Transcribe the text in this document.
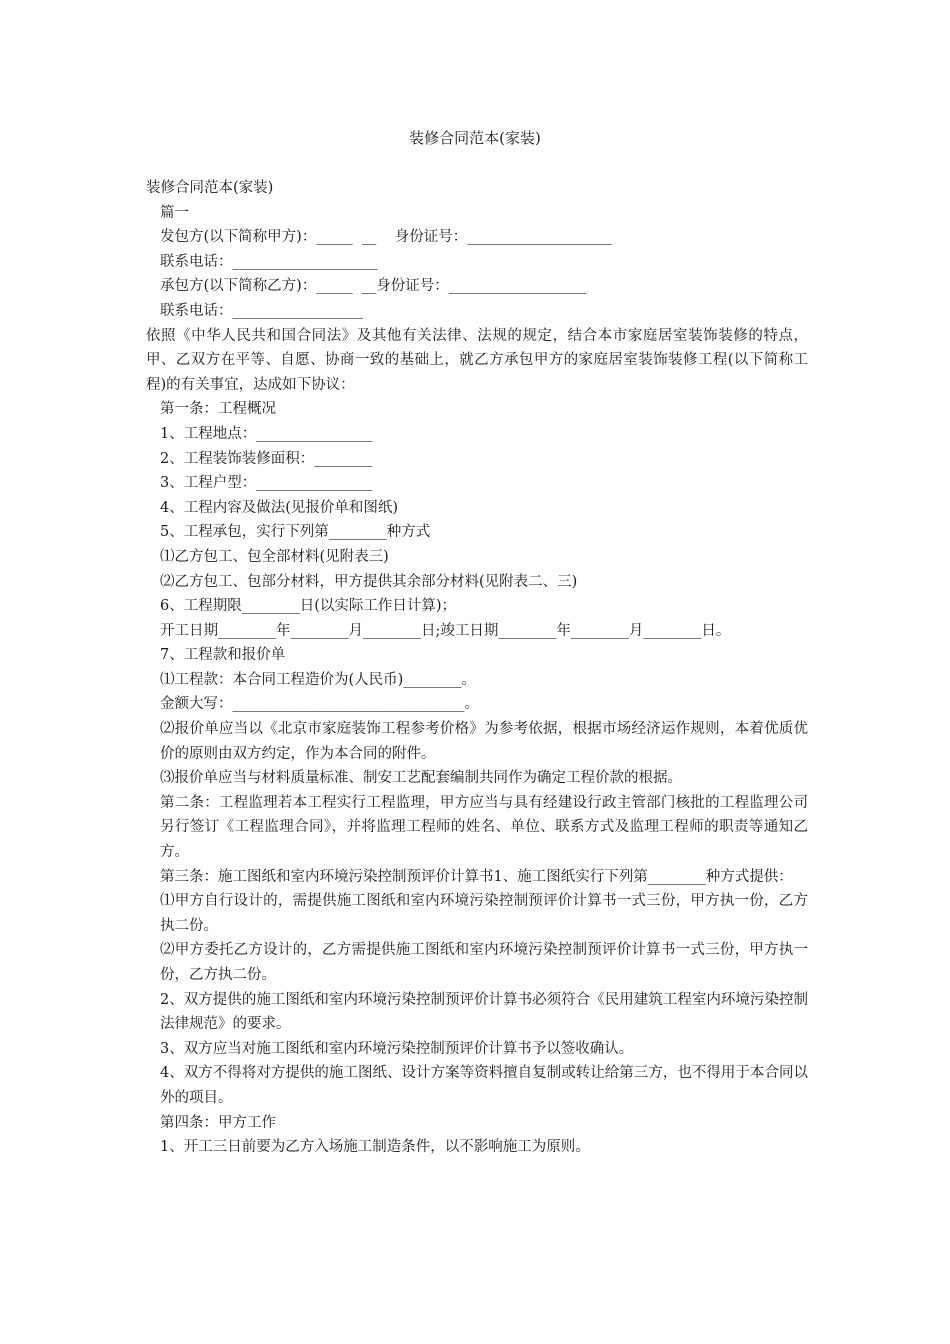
装修合同范本(家装)
装修合同范本(家装)
篇一
发包方(以下简称甲方)：_____  __    身份证号：____________________
联系电话：____________________
承包方(以下简称乙方)：_____  __身份证号：___________________
联系电话：__________________
依照《中华人民共和国合同法》及其他有关法律、法规的规定，结合本市家庭居室装饰装修的特点，甲、乙双方在平等、自愿、协商一致的基础上，就乙方承包甲方的家庭居室装饰装修工程(以下简称工程)的有关事宜，达成如下协议：
第一条：工程概况
1、工程地点：________________
2、工程装饰装修面积：________
3、工程户型：________________
4、工程内容及做法(见报价单和图纸)
5、工程承包，实行下列第________种方式
⑴乙方包工、包全部材料(见附表三)
⑵乙方包工、包部分材料，甲方提供其余部分材料(见附表二、三)
6、工程期限________日(以实际工作日计算)；
开工日期________年________月________日;竣工日期________年________月________日。
7、工程款和报价单
⑴工程款：本合同工程造价为(人民币)________。
金额大写：________________________________。
⑵报价单应当以《北京市家庭装饰工程参考价格》为参考依据，根据市场经济运作规则，本着优质优价的原则由双方约定，作为本合同的附件。
⑶报价单应当与材料质量标准、制安工艺配套编制共同作为确定工程价款的根据。
第二条：工程监理若本工程实行工程监理，甲方应当与具有经建设行政主管部门核批的工程监理公司另行签订《工程监理合同》，并将监理工程师的姓名、单位、联系方式及监理工程师的职责等通知乙方。
第三条：施工图纸和室内环境污染控制预评价计算书1、施工图纸实行下列第________种方式提供：
⑴甲方自行设计的，需提供施工图纸和室内环境污染控制预评价计算书一式三份，甲方执一份，乙方执二份。
⑵甲方委托乙方设计的，乙方需提供施工图纸和室内环境污染控制预评价计算书一式三份，甲方执一份，乙方执二份。
2、双方提供的施工图纸和室内环境污染控制预评价计算书必须符合《民用建筑工程室内环境污染控制法律规范》的要求。
3、双方应当对施工图纸和室内环境污染控制预评价计算书予以签收确认。
4、双方不得将对方提供的施工图纸、设计方案等资料擅自复制或转让给第三方，也不得用于本合同以外的项目。
第四条：甲方工作
1、开工三日前要为乙方入场施工制造条件，以不影响施工为原则。
